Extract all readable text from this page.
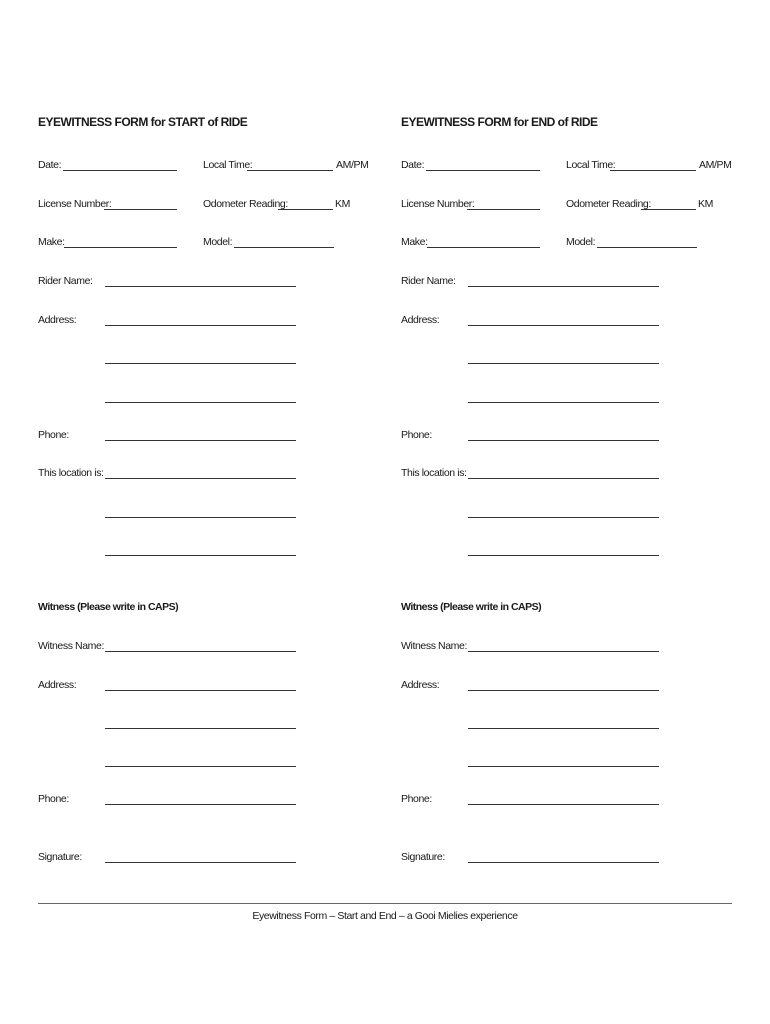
EYEWITNESS FORM for START of RIDE
Date:	Local Time:	AM/PM
License Number:	Odometer Reading:	KM
Make:	Model:
Rider Name:
Address:
Phone:
This location is:
Witness (Please write in CAPS)
Witness Name:
Address:
Phone:
Signature:
EYEWITNESS FORM for END of RIDE
Date:	Local Time:	AM/PM
License Number:	Odometer Reading:	KM
Make:	Model:
Rider Name:
Address:
Phone:
This location is:
Witness (Please write in CAPS)
Witness Name:
Address:
Phone:
Signature:
Eyewitness Form – Start and End – a Gooi Mielies experience
